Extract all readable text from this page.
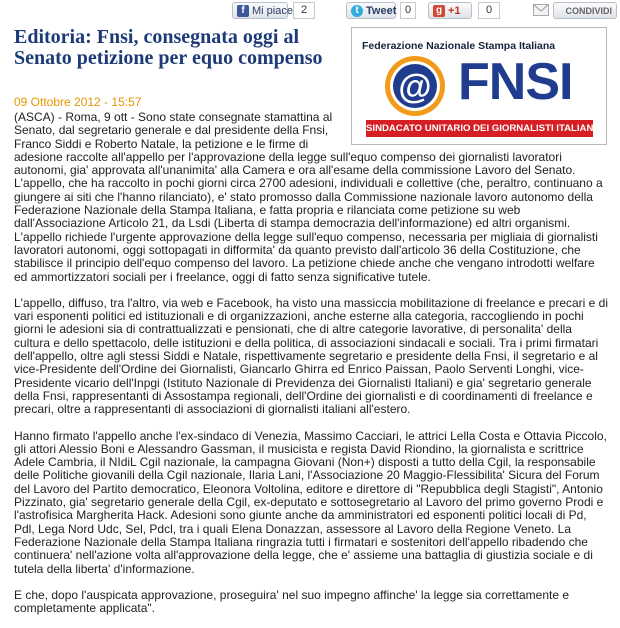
f Mi piace 2	t Tweet 0	g +1	0	CONDIVIDI
Editoria: Fnsi, consegnata oggi al Senato petizione per equo compenso
09 Ottobre 2012 - 15:57
Federazione Nazionale Stampa Italiana
@ FNSI
SINDACATO UNITARIO DEI GIORNALISTI ITALIANI

(ASCA) - Roma, 9 ott - Sono state consegnate stamattina al Senato, dal segretario generale e dal presidente della Fnsi, Franco Siddi e Roberto Natale, la petizione e le firme di adesione raccolte all'appello per l'approvazione della legge sull'equo compenso dei giornalisti lavoratori autonomi, gia' approvata all'unanimita' alla Camera e ora all'esame della commissione Lavoro del Senato. L'appello, che ha raccolto in pochi giorni circa 2700 adesioni, individuali e collettive (che, peraltro, continuano a giungere ai siti che l'hanno rilanciato), e' stato promosso dalla Commissione nazionale lavoro autonomo della Federazione Nazionale della Stampa Italiana, e fatta propria e rilanciata come petizione su web dall'Associazione Articolo 21, da Lsdi (Liberta di stampa democrazia dell'informazione) ed altri organismi. L'appello richiede l'urgente approvazione della legge sull'equo compenso, necessaria per migliaia di giornalisti lavoratori autonomi, oggi sottopagati in difformita' da quanto previsto dall'articolo 36 della Costituzione, che stabilisce il principio dell'equo compenso del lavoro. La petizione chiede anche che vengano introdotti welfare ed ammortizzatori sociali per i freelance, oggi di fatto senza significative tutele.

L'appello, diffuso, tra l'altro, via web e Facebook, ha visto una massiccia mobilitazione di freelance e precari e di vari esponenti politici ed istituzionali e di organizzazioni, anche esterne alla categoria, raccogliendo in pochi giorni le adesioni sia di contrattualizzati e pensionati, che di altre categorie lavorative, di personalita' della cultura e dello spettacolo, delle istituzioni e della politica, di associazioni sindacali e sociali. Tra i primi firmatari dell'appello, oltre agli stessi Siddi e Natale, rispettivamente segretario e presidente della Fnsi, il segretario e al vice-Presidente dell'Ordine dei Giornalisti, Giancarlo Ghirra ed Enrico Paissan, Paolo Serventi Longhi, vice-Presidente vicario dell'Inpgi (Istituto Nazionale di Previdenza dei Giornalisti Italiani) e gia' segretario generale della Fnsi, rappresentanti di Assostampa regionali, dell'Ordine dei giornalisti e di coordinamenti di freelance e precari, oltre a rappresentanti di associazioni di giornalisti italiani all'estero.

Hanno firmato l'appello anche l'ex-sindaco di Venezia, Massimo Cacciari, le attrici Lella Costa e Ottavia Piccolo, gli attori Alessio Boni e Alessandro Gassman, il musicista e regista David Riondino, la giornalista e scrittrice Adele Cambria, il NIdiL Cgil nazionale, la campagna Giovani (Non+) disposti a tutto della Cgil, la responsabile delle Politiche giovanili della Cgil nazionale, Ilaria Lani, l'Associazione 20 Maggio-Flessibilita' Sicura del Forum del Lavoro del Partito democratico, Eleonora Voltolina, editore e direttore di "Repubblica degli Stagisti", Antonio Pizzinato, gia' segretario generale della Cgil, ex-deputato e sottosegretario al Lavoro del primo governo Prodi e l'astrofisica Margherita Hack. Adesioni sono giunte anche da amministratori ed esponenti politici locali di Pd, Pdl, Lega Nord Udc, Sel, Pdcl, tra i quali Elena Donazzan, assessore al Lavoro della Regione Veneto. La Federazione Nazionale della Stampa Italiana ringrazia tutti i firmatari e sostenitori dell'appello ribadendo che continuera' nell'azione volta all'approvazione della legge, che e' assieme una battaglia di giustizia sociale e di tutela della liberta' d'informazione.

E che, dopo l'auspicata approvazione, proseguira' nel suo impegno affinche' la legge sia correttamente e completamente applicata".
